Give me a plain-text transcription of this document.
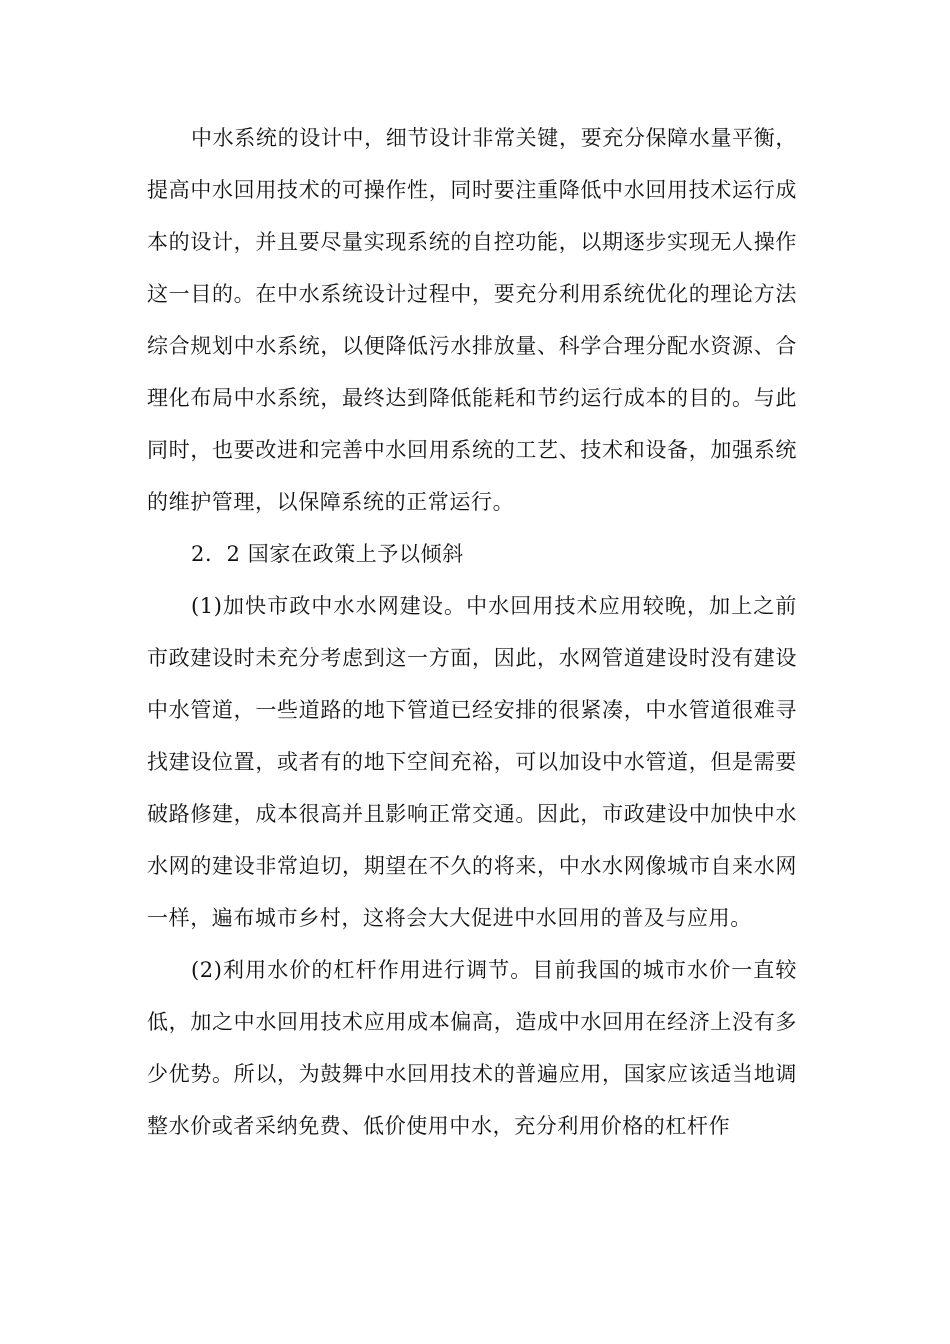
中水系统的设计中，细节设计非常关键，要充分保障水量平衡，提高中水回用技术的可操作性，同时要注重降低中水回用技术运行成本的设计，并且要尽量实现系统的自控功能，以期逐步实现无人操作这一目的。在中水系统设计过程中，要充分利用系统优化的理论方法综合规划中水系统，以便降低污水排放量、科学合理分配水资源、合理化布局中水系统，最终达到降低能耗和节约运行成本的目的。与此同时，也要改进和完善中水回用系统的工艺、技术和设备，加强系统的维护管理，以保障系统的正常运行。

2．2 国家在政策上予以倾斜

(1)加快市政中水水网建设。中水回用技术应用较晚，加上之前市政建设时未充分考虑到这一方面，因此，水网管道建设时没有建设中水管道，一些道路的地下管道已经安排的很紧凑，中水管道很难寻找建设位置，或者有的地下空间充裕，可以加设中水管道，但是需要破路修建，成本很高并且影响正常交通。因此，市政建设中加快中水水网的建设非常迫切，期望在不久的将来，中水水网像城市自来水网一样，遍布城市乡村，这将会大大促进中水回用的普及与应用。

(2)利用水价的杠杆作用进行调节。目前我国的城市水价一直较低，加之中水回用技术应用成本偏高，造成中水回用在经济上没有多少优势。所以，为鼓舞中水回用技术的普遍应用，国家应该适当地调整水价或者采纳免费、低价使用中水，充分利用价格的杠杆作
